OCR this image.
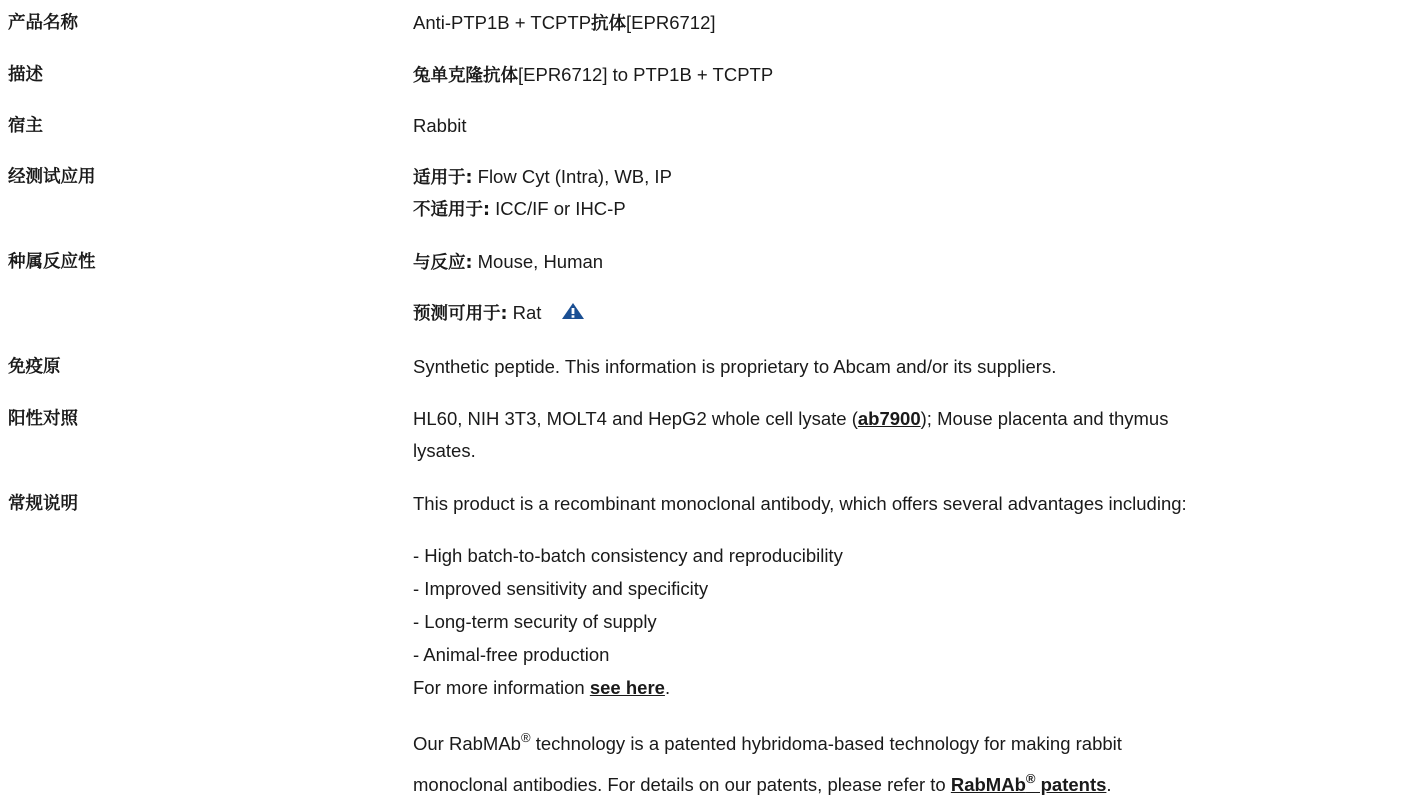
产品名称	Anti-PTP1B + TCPTP抗体[EPR6712]
描述	兔单克隆抗体[EPR6712] to PTP1B + TCPTP
宿主	Rabbit
经测试应用	适用于: Flow Cyt (Intra), WB, IP
不适用于: ICC/IF or IHC-P
种属反应性	与反应: Mouse, Human
预测可用于: Rat
免疫原	Synthetic peptide. This information is proprietary to Abcam and/or its suppliers.
阳性对照	HL60, NIH 3T3, MOLT4 and HepG2 whole cell lysate (ab7900); Mouse placenta and thymus
lysates.
常规说明	This product is a recombinant monoclonal antibody, which offers several advantages including:
- High batch-to-batch consistency and reproducibility
- Improved sensitivity and specificity
- Long-term security of supply
- Animal-free production
For more information see here.
Our RabMAb® technology is a patented hybridoma-based technology for making rabbit
monoclonal antibodies. For details on our patents, please refer to RabMAb® patents.
